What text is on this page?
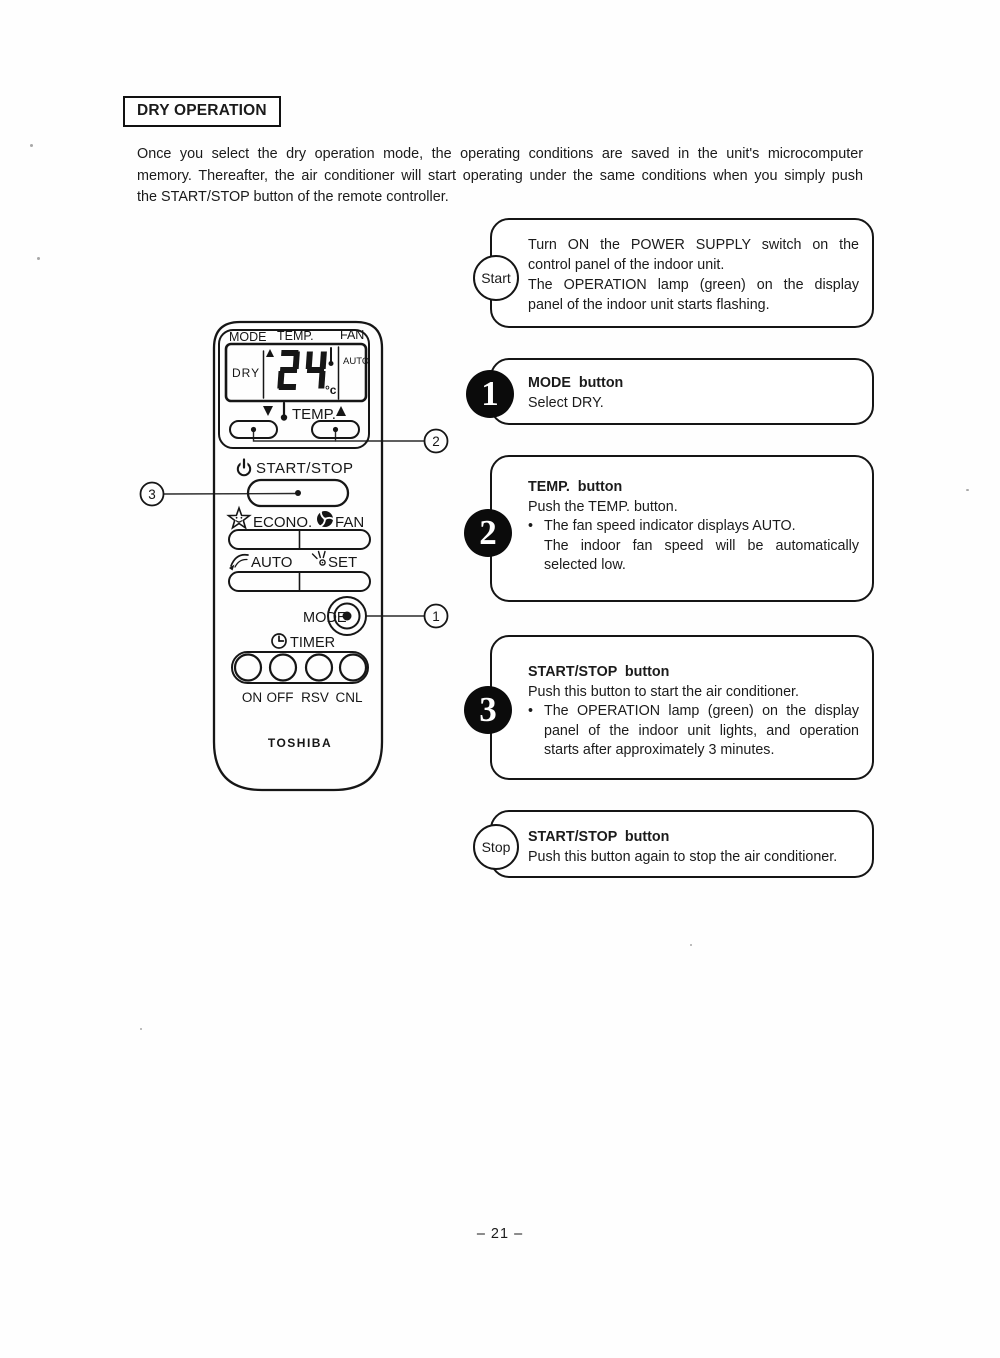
DRY OPERATION
Once you select the dry operation mode, the operating conditions are saved in the unit's microcomputer
memory. Thereafter, the air conditioner will start operating under the same conditions when you simply push
the START/STOP button of the remote controller.
MODE TEMP. FAN
DRY
°c
AUTO
TEMP.
START/STOP
ECONO. FAN
AUTO SET
MODE
TIMER
ON OFF RSV CNL
TOSHIBA
2
3
1
Turn ON the POWER SUPPLY switch on the
control panel of the indoor unit.
The OPERATION lamp (green) on the display
panel of the indoor unit starts flashing.
Start
MODE  button
Select DRY.
1
TEMP.  button
Push the TEMP. button.
• The fan speed indicator displays AUTO.
The indoor fan speed will be automatically
selected low.
2
START/STOP  button
Push this button to start the air conditioner.
• The OPERATION lamp (green) on the display
panel of the indoor unit lights, and operation
starts after approximately 3 minutes.
3
START/STOP  button
Push this button again to stop the air conditioner.
Stop
– 21 –
